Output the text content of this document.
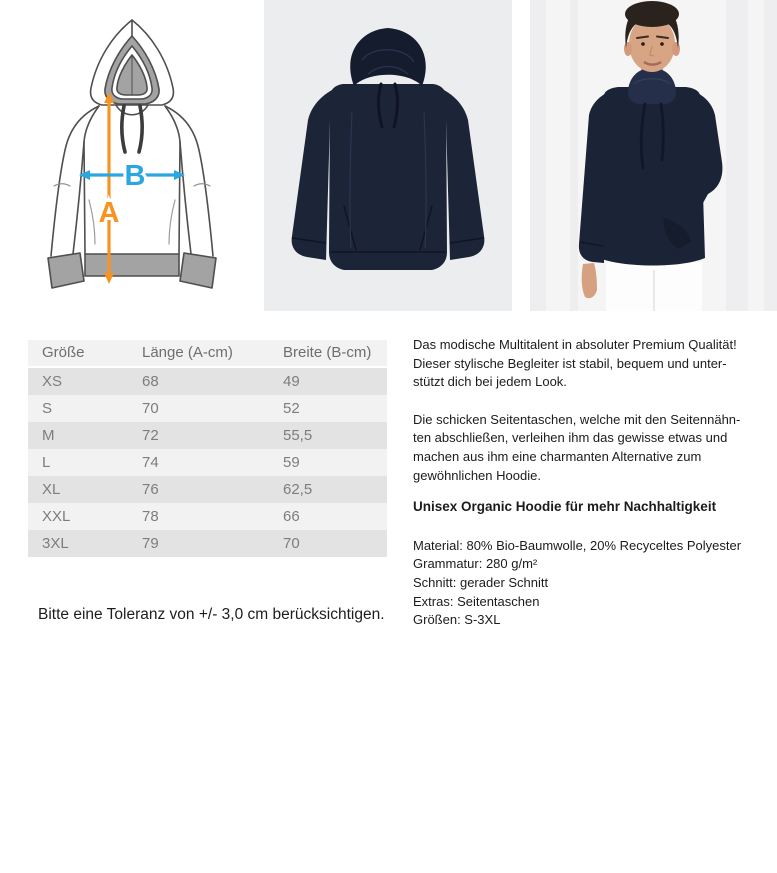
A
B
Größe	Länge (A-cm)	Breite (B-cm)
XS	68	49
S	70	52
M	72	55,5
L	74	59
XL	76	62,5
XXL	78	66
3XL	79	70
Bitte eine Toleranz von +/- 3,0 cm berücksichtigen.
Das modische Multitalent in absoluter Premium Qualität!
Dieser stylische Begleiter ist stabil, bequem und unter-
stützt dich bei jedem Look.
Die schicken Seitentaschen, welche mit den Seitennähn-
ten abschließen, verleihen ihm das gewisse etwas und
machen aus ihm eine charmanten Alternative zum
gewöhnlichen Hoodie.
Unisex Organic Hoodie für mehr Nachhaltigkeit
Material: 80% Bio-Baumwolle, 20% Recyceltes Polyester
Grammatur: 280 g/m²
Schnitt: gerader Schnitt
Extras: Seitentaschen
Größen: S-3XL
